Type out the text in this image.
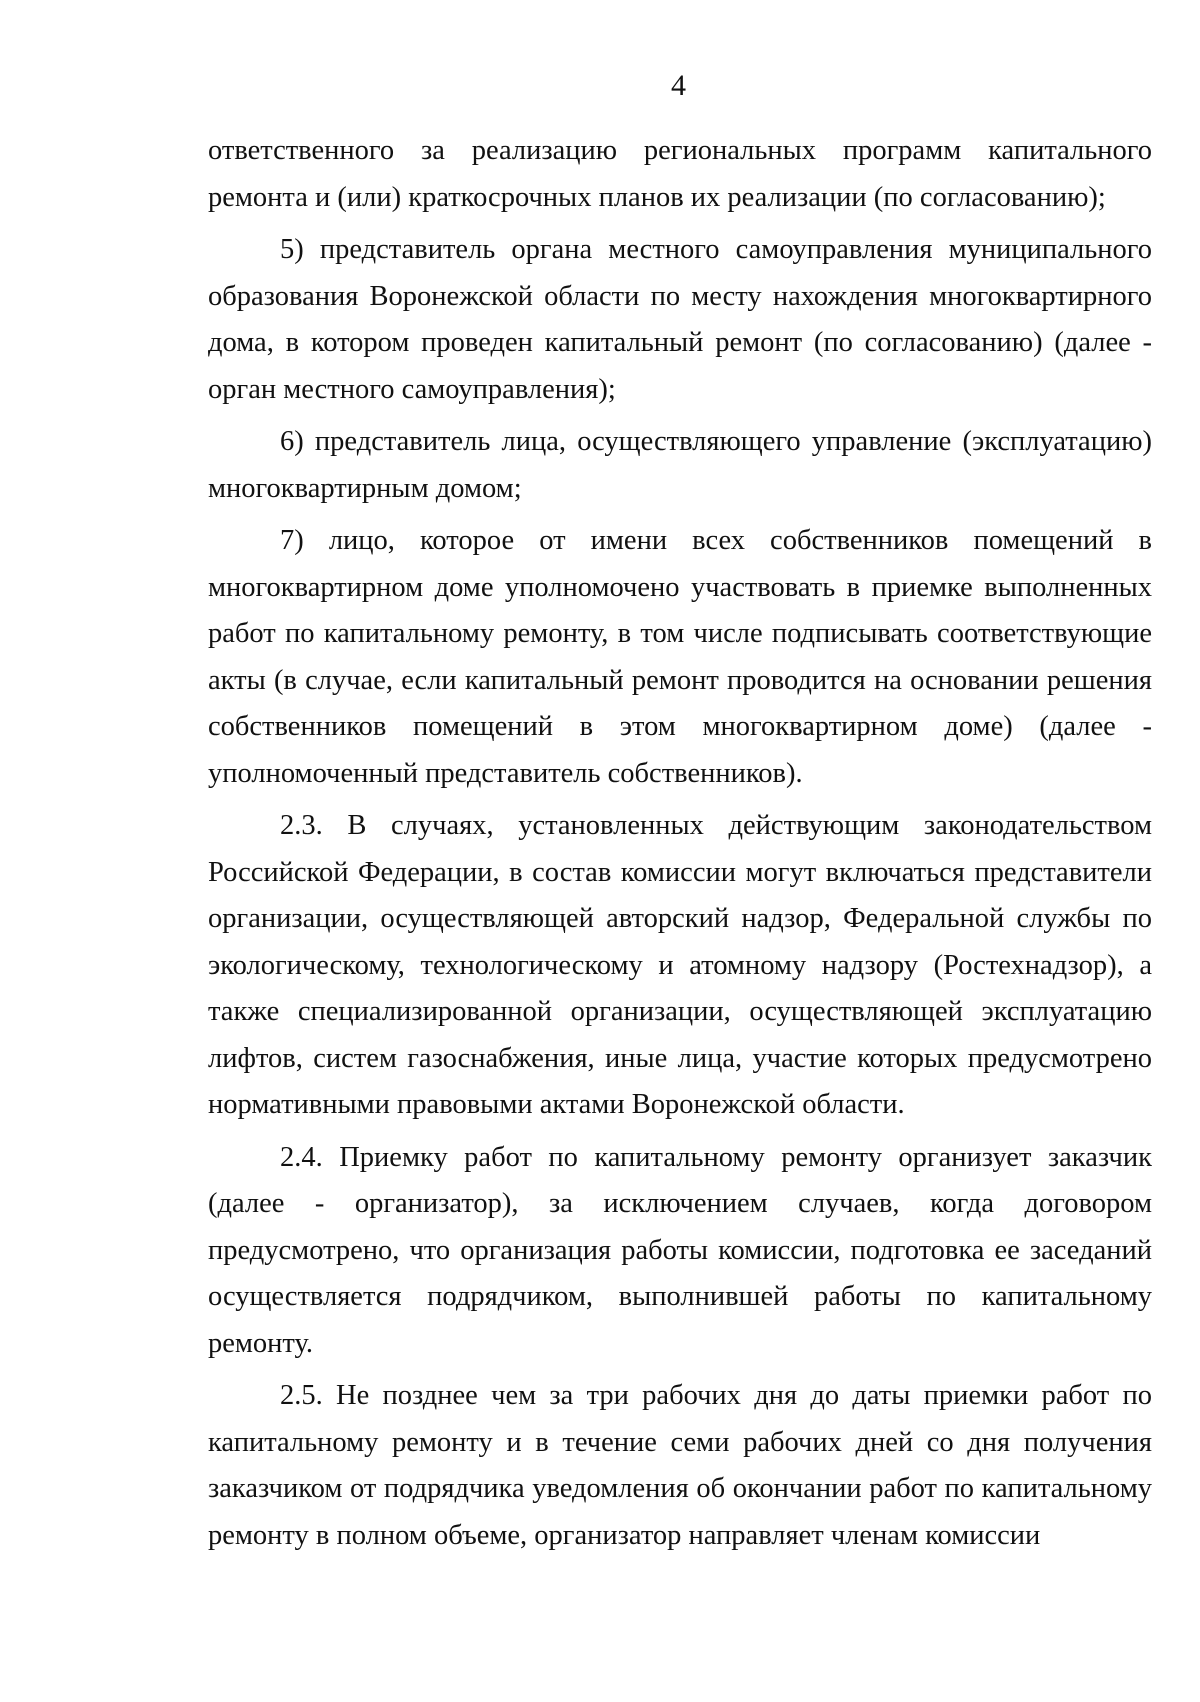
4

ответственного за реализацию региональных программ капитального ремонта и (или) краткосрочных планов их реализации (по согласованию);

5) представитель органа местного самоуправления муниципального образования Воронежской области по месту нахождения многоквартирного дома, в котором проведен капитальный ремонт (по согласованию) (далее - орган местного самоуправления);

6) представитель лица, осуществляющего управление (эксплуатацию) многоквартирным домом;

7) лицо, которое от имени всех собственников помещений в многоквартирном доме уполномочено участвовать в приемке выполненных работ по капитальному ремонту, в том числе подписывать соответствующие акты (в случае, если капитальный ремонт проводится на основании решения собственников помещений в этом многоквартирном доме) (далее - уполномоченный представитель собственников).

2.3. В случаях, установленных действующим законодательством Российской Федерации, в состав комиссии могут включаться представители организации, осуществляющей авторский надзор, Федеральной службы по экологическому, технологическому и атомному надзору (Ростехнадзор), а также специализированной организации, осуществляющей эксплуатацию лифтов, систем газоснабжения, иные лица, участие которых предусмотрено нормативными правовыми актами Воронежской области.

2.4. Приемку работ по капитальному ремонту организует заказчик (далее - организатор), за исключением случаев, когда договором предусмотрено, что организация работы комиссии, подготовка ее заседаний осуществляется подрядчиком, выполнившей работы по капитальному ремонту.

2.5. Не позднее чем за три рабочих дня до даты приемки работ по капитальному ремонту и в течение семи рабочих дней со дня получения заказчиком от подрядчика уведомления об окончании работ по капитальному ремонту в полном объеме, организатор направляет членам комиссии
